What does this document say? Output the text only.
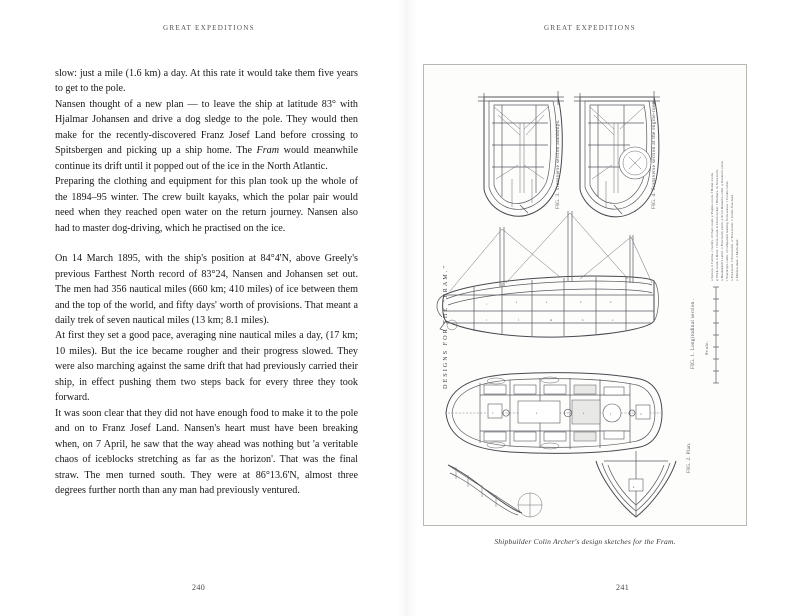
GREAT EXPEDITIONS

slow: just a mile (1.6 km) a day. At this rate it would take them five years to get to the pole.

Nansen thought of a new plan — to leave the ship at latitude 83° with Hjalmar Johansen and drive a dog sledge to the pole. They would then make for the recently-discovered Franz Josef Land before crossing to Spitsbergen and picking up a ship home. The Fram would meanwhile continue its drift until it popped out of the ice in the North Atlantic.

Preparing the clothing and equipment for this plan took up the whole of the 1894–95 winter. The crew built kayaks, which the polar pair would need when they reached open water on the return journey. Nansen also had to master dog-driving, which he practised on the ice.

On 14 March 1895, with the ship's position at 84°4'N, above Greely's previous Farthest North record of 83°24, Nansen and Johansen set out. The men had 356 nautical miles (660 km; 410 miles) of ice between them and the top of the world, and fifty days' worth of provisions. That meant a daily trek of seven nautical miles (13 km; 8.1 miles).

At first they set a good pace, averaging nine nautical miles a day, (17 km; 10 miles). But the ice became rougher and their progress slowed. They were also marching against the same drift that had previously carried their ship, in effect pushing them two steps back for every three they took forward.

It was soon clear that they did not have enough food to make it to the pole and on to Franz Josef Land. Nansen's heart must have been breaking when, on 7 April, he saw that the way ahead was nothing but 'a veritable chaos of iceblocks stretching as far as the horizon'. That was the final straw. The men turned south. They were at 86°13.6'N, almost three degrees further north than any man had previously ventured.

240
GREAT EXPEDITIONS
i
e	a	b	u
l	f	m	h	x
a	e	f
v	w
k
FIG. 3. Transverse section amidships.	FIG. 4. Transverse section at the engine-room.
FIG. 1. Longitudinal section . Scale.
FIG. 2. Plan.
DESIGNS FOR THE "FRAM."
a Saloon. b Cabins. c Galley. d Chart-room. e Engine-room. f Boiler-room. g Work-room. h Hold. i Store-room. k Chain locker. l Bunkers. m Store-hold. n Blacksmith's cabin. o Four-berth cabin. p Scott Hansen's cabin. q Nansen's cabin. r Sverdrup's cabin. s Companion leading from saloon. t Cook's cabin. u Fore-hold. v Fore-hatch. w Fore-hatch. x Under fore-hold. y Mizzen-mast. z Main-mast.
Shipbuilder Colin Archer's design sketches for the Fram.
241
